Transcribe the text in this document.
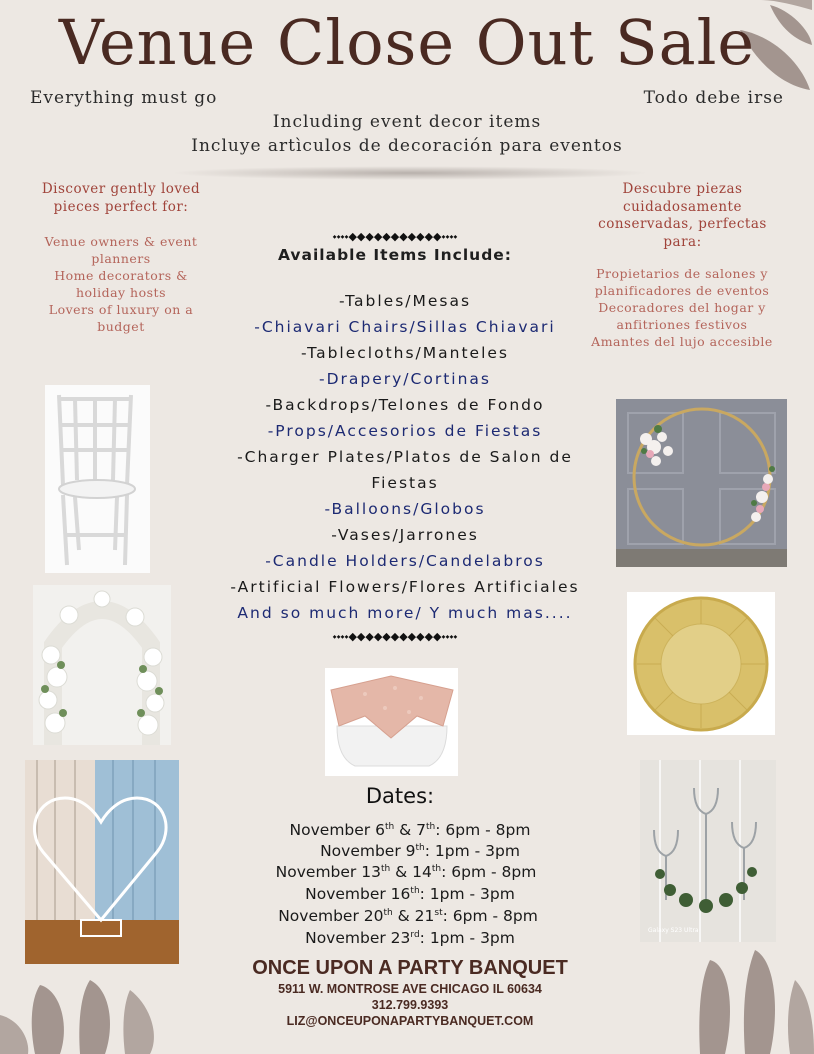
Venue Close Out Sale
Everything must go	Todo debe irse
Including event decor items
Incluye artìculos de decoración para eventos
Discover gently loved pieces perfect for:
Venue owners & event planners
Home decorators & holiday hosts
Lovers of luxury on a budget
Descubre piezas cuidadosamente conservadas, perfectas para:
Propietarios de salones y planificadores de eventos
Decoradores del hogar y anfitriones festivos
Amantes del lujo accesible
⬩⬩⬩⬩◆◆◆◆◆◆◆◆◆◆◆⬩⬩⬩⬩
Available Items Include:
-Tables/Mesas
-Chiavari Chairs/Sillas Chiavari
-Tablecloths/Manteles
-Drapery/Cortinas
-Backdrops/Telones de Fondo
-Props/Accesorios de Fiestas
-Charger Plates/Platos de Salon de
Fiestas
-Balloons/Globos
-Vases/Jarrones
-Candle Holders/Candelabros
-Artificial Flowers/Flores Artificiales
And so much more/ Y much mas....
⬩⬩⬩⬩◆◆◆◆◆◆◆◆◆◆◆⬩⬩⬩⬩
Galaxy S23 Ultra
Dates:
November 6th & 7th: 6pm - 8pm
November 9th: 1pm - 3pm
November 13th & 14th: 6pm - 8pm
November 16th: 1pm - 3pm
November 20th & 21st: 6pm - 8pm
November 23rd: 1pm - 3pm
ONCE UPON A PARTY BANQUET
5911 W. MONTROSE AVE CHICAGO IL 60634
312.799.9393
LIZ@ONCEUPONAPARTYBANQUET.COM
